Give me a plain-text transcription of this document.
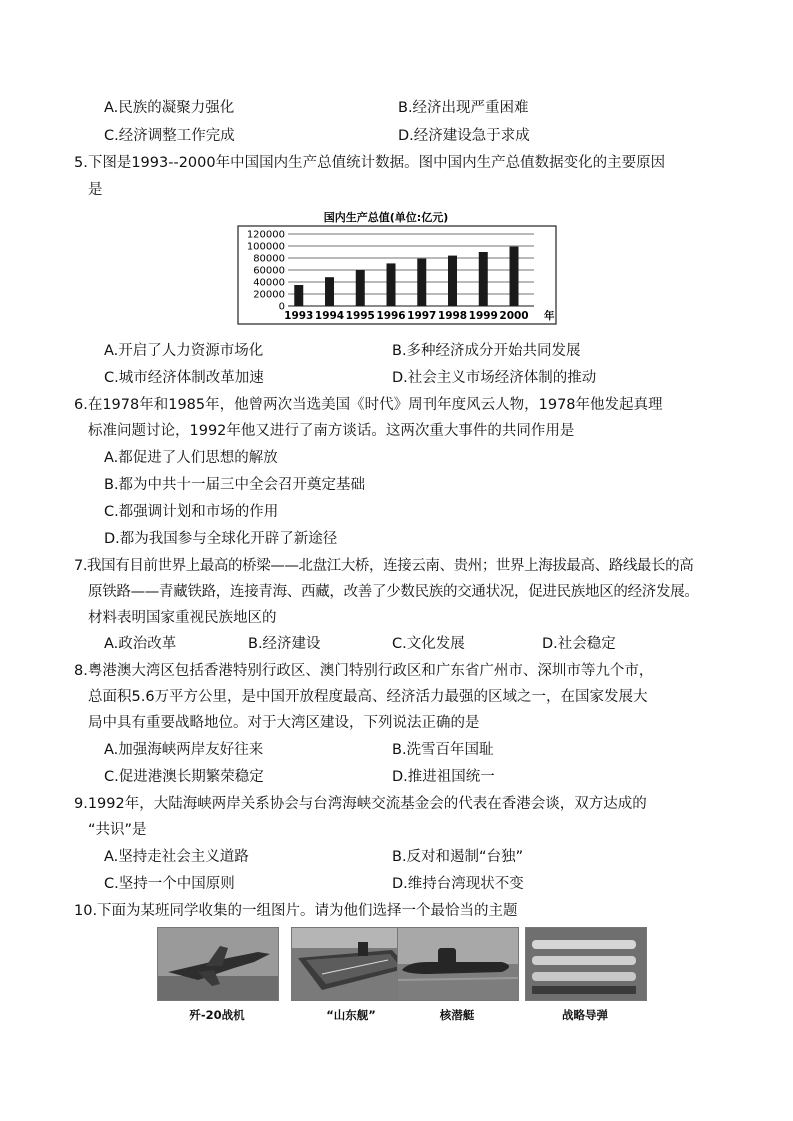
A.民族的凝聚力强化	B.经济出现严重困难
C.经济调整工作完成	D.经济建设急于求成
5.下图是1993--2000年中国国内生产总值统计数据。图中国内生产总值数据变化的主要原因
是
国内生产总值(单位:亿元)
0
20000
40000
60000
80000
100000
120000
1993 1994 1995 1996 1997 1998 1999 2000 年
A.开启了人力资源市场化	B.多种经济成分开始共同发展
C.城市经济体制改革加速	D.社会主义市场经济体制的推动
6.在1978年和1985年，他曾两次当选美国《时代》周刊年度风云人物，1978年他发起真理
标准问题讨论，1992年他又进行了南方谈话。这两次重大事件的共同作用是
A.都促进了人们思想的解放
B.都为中共十一届三中全会召开奠定基础
C.都强调计划和市场的作用
D.都为我国参与全球化开辟了新途径
7.我国有目前世界上最高的桥梁——北盘江大桥，连接云南、贵州；世界上海拔最高、路线最长的高
原铁路——青藏铁路，连接青海、西藏，改善了少数民族的交通状况，促进民族地区的经济发展。
材料表明国家重视民族地区的
A.政治改革	B.经济建设	C.文化发展	D.社会稳定
8.粤港澳大湾区包括香港特别行政区、澳门特别行政区和广东省广州市、深圳市等九个市，
总面积5.6万平方公里，是中国开放程度最高、经济活力最强的区域之一，在国家发展大
局中具有重要战略地位。对于大湾区建设，下列说法正确的是
A.加强海峡两岸友好往来	B.洗雪百年国耻
C.促进港澳长期繁荣稳定	D.推进祖国统一
9.1992年，大陆海峡两岸关系协会与台湾海峡交流基金会的代表在香港会谈，双方达成的
“共识”是
A.坚持走社会主义道路	B.反对和遏制“台独”
C.坚持一个中国原则	D.维持台湾现状不变
10.下面为某班同学收集的一组图片。请为他们选择一个最恰当的主题
歼-20战机	“山东舰”	核潜艇	战略导弹
